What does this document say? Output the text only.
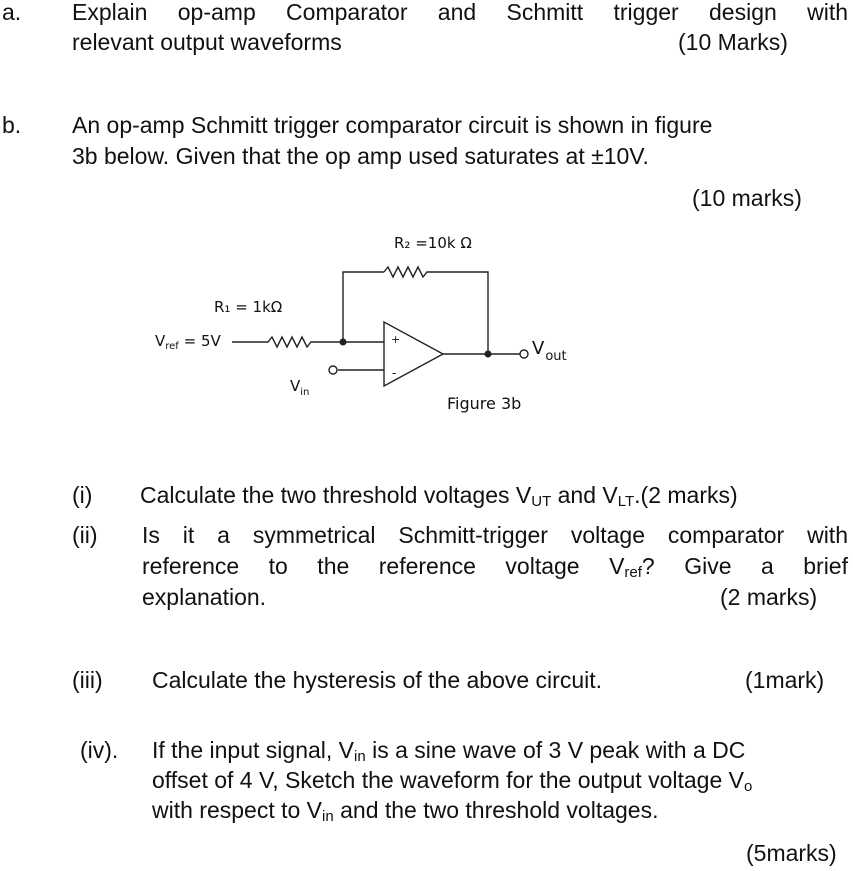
a. Explain op-amp Comparator and Schmitt trigger design with
relevant output waveforms	(10 Marks)
b. An op-amp Schmitt trigger comparator circuit is shown in figure
3b below. Given that the op amp used saturates at ±10V.
(10 marks)
+
-
R₂ =10k Ω
R₁ = 1kΩ
$V_{ref} = 5V$
$V_{in}$
$V_{out}$
Figure 3b
(i) Calculate the two threshold voltages $V_{UT}$ and $V_{LT}.(2$ marks)
(ii) Is it a symmetrical Schmitt-trigger voltage comparator with
reference to the reference voltage $V_{ref}$? Give a brief
explanation.	(2 marks)
(iii) Calculate the hysteresis of the above circuit.	(1mark)
(iv). If the input signal, $V_{in}$ is a sine wave of 3 V peak with a DC
offset of 4 V, Sketch the waveform for the output voltage $V_o$
with respect to $V_{in}$ and the two threshold voltages.
(5marks)
